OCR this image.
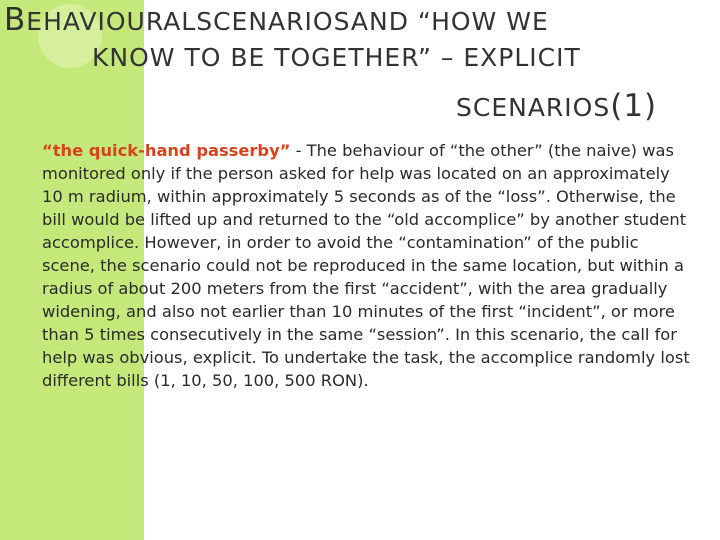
BEHAVIOURALSCENARIOSAND “HOW WE
KNOW TO BE TOGETHER” – EXPLICIT
SCENARIOS(1)
“the quick-hand passerby” - The behaviour of “the other” (the naive) was monitored only if the person asked for help was located on an approximately 10 m radium, within approximately 5 seconds as of the “loss”. Otherwise, the bill would be lifted up and returned to the “old accomplice” by another student accomplice. However, in order to avoid the “contamination” of the public scene, the scenario could not be reproduced in the same location, but within a radius of about 200 meters from the first “accident”, with the area gradually widening, and also not earlier than 10 minutes of the first “incident”, or more than 5 times consecutively in the same “session”. In this scenario, the call for help was obvious, explicit. To undertake the task, the accomplice randomly lost different bills (1, 10, 50, 100, 500 RON).
